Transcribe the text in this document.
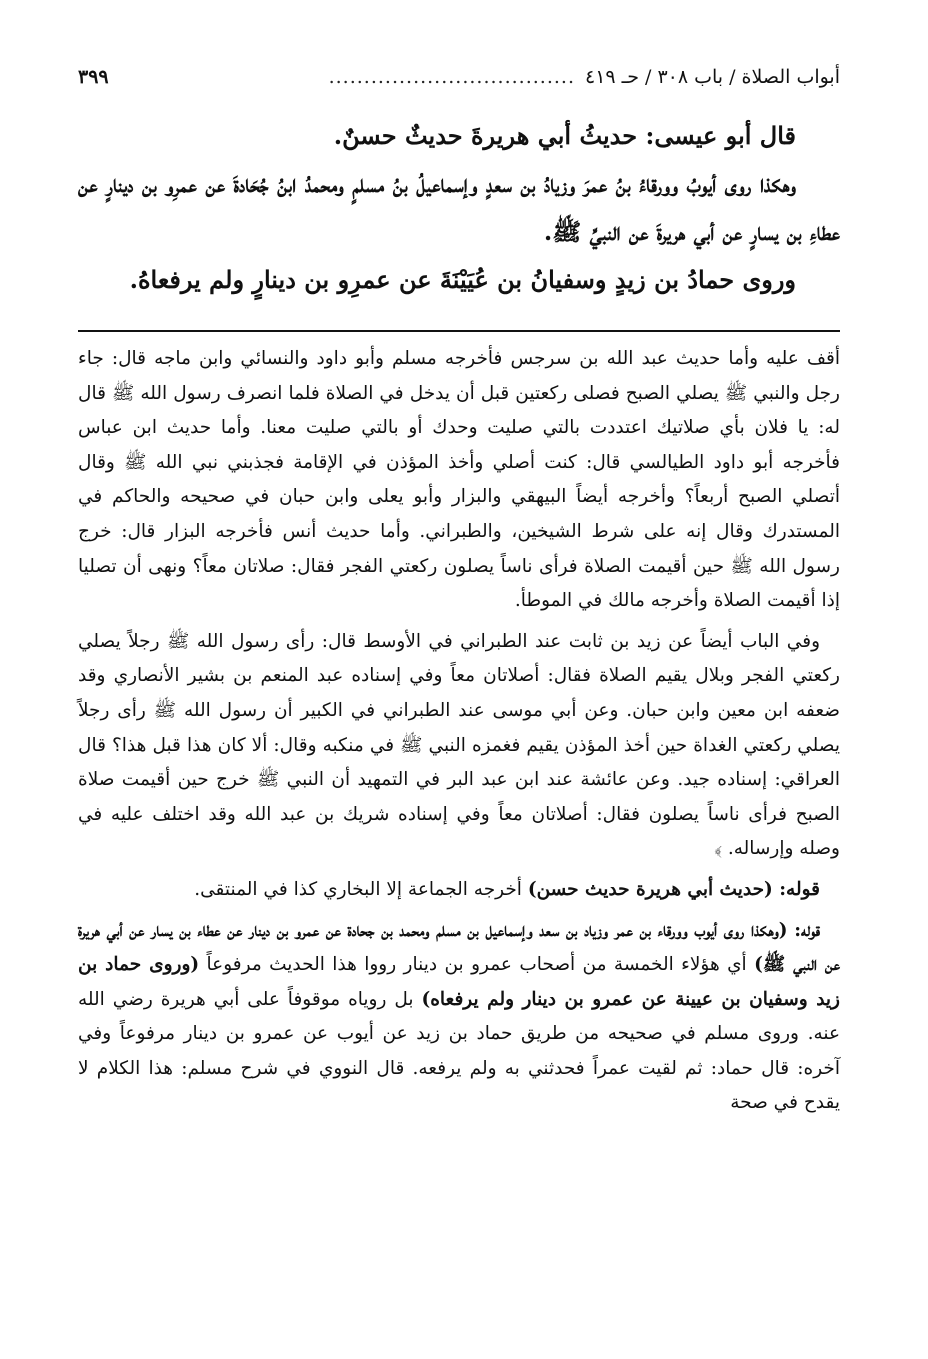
أبواب الصلاة / باب ٣٠٨ / حـ ٤١٩
...................................
٣٩٩

قال أبو عيسى: حديثُ أبي هريرةَ حديثٌ حسنٌ.

وهكذا روى أيوبُ وورقاءُ بنُ عمرَ وزيادُ بن سعدٍ وإسماعيلُ بنُ مسلمٍ ومحمدُ ابنُ جُحَادةَ عن عمرِو بن دينارٍ عن عطاءِ بن يسارٍ عن أبي هريرةَ عن النبيِّ ﷺ.

وروى حمادُ بن زيدٍ وسفيانُ بن عُيَيْنَةَ عن عمرِو بن دينارٍ ولم يرفعاهُ.

أقف عليه وأما حديث عبد الله بن سرجس فأخرجه مسلم وأبو داود والنسائي وابن ماجه قال: جاء رجل والنبي ﷺ يصلي الصبح فصلى ركعتين قبل أن يدخل في الصلاة فلما انصرف رسول الله ﷺ قال له: يا فلان بأي صلاتيك اعتددت بالتي صليت وحدك أو بالتي صليت معنا. وأما حديث ابن عباس فأخرجه أبو داود الطيالسي قال: كنت أصلي وأخذ المؤذن في الإقامة فجذبني نبي الله ﷺ وقال أتصلي الصبح أربعاً؟ وأخرجه أيضاً البيهقي والبزار وأبو يعلى وابن حبان في صحيحه والحاكم في المستدرك وقال إنه على شرط الشيخين، والطبراني. وأما حديث أنس فأخرجه البزار قال: خرج رسول الله ﷺ حين أقيمت الصلاة فرأى ناساً يصلون ركعتي الفجر فقال: صلاتان معاً؟ ونهى أن تصليا إذا أقيمت الصلاة وأخرجه مالك في الموطأ.

وفي الباب أيضاً عن زيد بن ثابت عند الطبراني في الأوسط قال: رأى رسول الله ﷺ رجلاً يصلي ركعتي الفجر وبلال يقيم الصلاة فقال: أصلاتان معاً وفي إسناده عبد المنعم بن بشير الأنصاري وقد ضعفه ابن معين وابن حبان. وعن أبي موسى عند الطبراني في الكبير أن رسول الله ﷺ رأى رجلاً يصلي ركعتي الغداة حين أخذ المؤذن يقيم فغمزه النبي ﷺ في منكبه وقال: ألا كان هذا قبل هذا؟ قال العراقي: إسناده جيد. وعن عائشة عند ابن عبد البر في التمهيد أن النبي ﷺ خرج حين أقيمت صلاة الصبح فرأى ناساً يصلون فقال: أصلاتان معاً وفي إسناده شريك بن عبد الله وقد اختلف عليه في وصله وإرساله. ﴾

قوله: (حديث أبي هريرة حديث حسن) أخرجه الجماعة إلا البخاري كذا في المنتقى.

قوله: (وهكذا روى أيوب وورقاء بن عمر وزياد بن سعد وإسماعيل بن مسلم ومحمد بن جحادة عن عمرو بن دينار عن عطاء بن يسار عن أبي هريرة عن النبي ﷺ) أي هؤلاء الخمسة من أصحاب عمرو بن دينار رووا هذا الحديث مرفوعاً (وروى حماد بن زيد وسفيان بن عيينة عن عمرو بن دينار ولم يرفعاه) بل روياه موقوفاً على أبي هريرة رضي الله عنه. وروى مسلم في صحيحه من طريق حماد بن زيد عن أيوب عن عمرو بن دينار مرفوعاً وفي آخره: قال حماد: ثم لقيت عمراً فحدثني به ولم يرفعه. قال النووي في شرح مسلم: هذا الكلام لا يقدح في صحة
